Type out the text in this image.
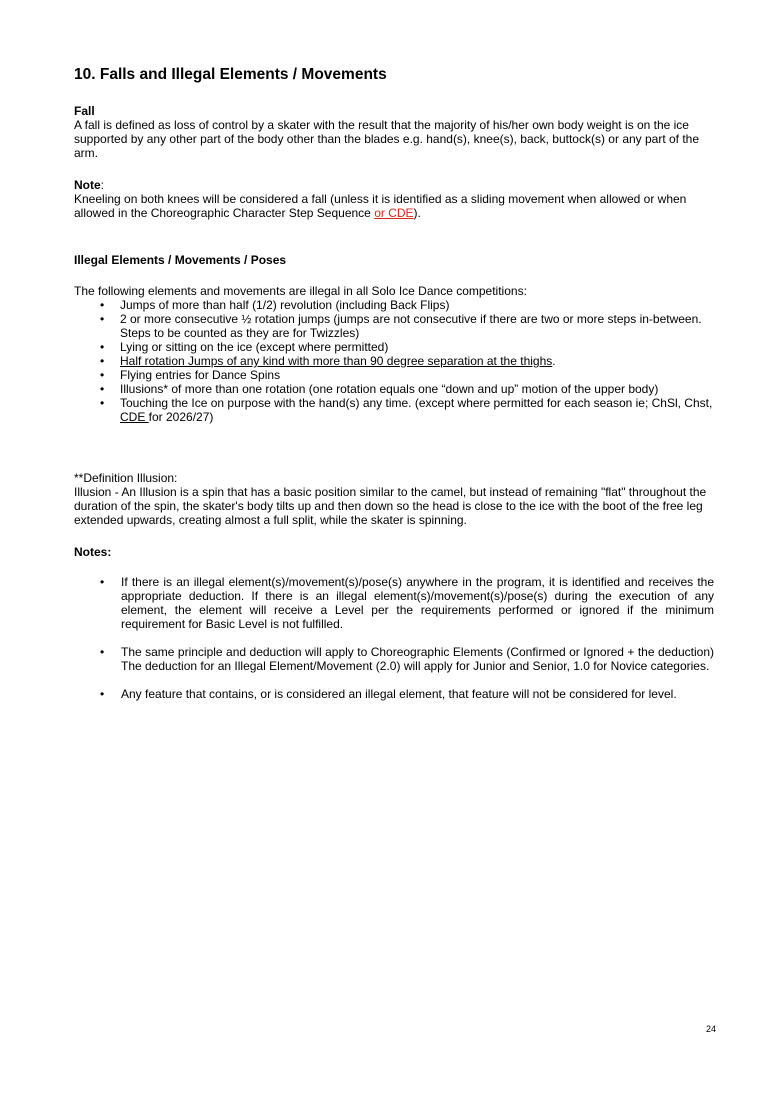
10. Falls and Illegal Elements / Movements

Fall

A fall is defined as loss of control by a skater with the result that the majority of his/her own body weight is on the ice supported by any other part of the body other than the blades e.g. hand(s), knee(s), back, buttock(s) or any part of the arm.

Note:

Kneeling on both knees will be considered a fall (unless it is identified as a sliding movement when allowed or when allowed in the Choreographic Character Step Sequence or CDE).

Illegal Elements / Movements / Poses

The following elements and movements are illegal in all Solo Ice Dance competitions:

• Jumps of more than half (1/2) revolution (including Back Flips)
• 2 or more consecutive ½ rotation jumps (jumps are not consecutive if there are two or more steps in-between. Steps to be counted as they are for Twizzles)
• Lying or sitting on the ice (except where permitted)
• Half rotation Jumps of any kind with more than 90 degree separation at the thighs.
• Flying entries for Dance Spins
• Illusions* of more than one rotation (one rotation equals one “down and up” motion of the upper body)
• Touching the Ice on purpose with the hand(s) any time. (except where permitted for each season ie; ChSl, Chst, CDE for 2026/27)

**Definition Illusion:

Illusion - An Illusion is a spin that has a basic position similar to the camel, but instead of remaining "flat" throughout the duration of the spin, the skater's body tilts up and then down so the head is close to the ice with the boot of the free leg extended upwards, creating almost a full split, while the skater is spinning.

Notes:

• If there is an illegal element(s)/movement(s)/pose(s) anywhere in the program, it is identified and receives the appropriate deduction. If there is an illegal element(s)/movement(s)/pose(s) during the execution of any element, the element will receive a Level per the requirements performed or ignored if the minimum requirement for Basic Level is not fulfilled.
• The same principle and deduction will apply to Choreographic Elements (Confirmed or Ignored + the deduction) The deduction for an Illegal Element/Movement (2.0) will apply for Junior and Senior, 1.0 for Novice categories.
• Any feature that contains, or is considered an illegal element, that feature will not be considered for level.
24
